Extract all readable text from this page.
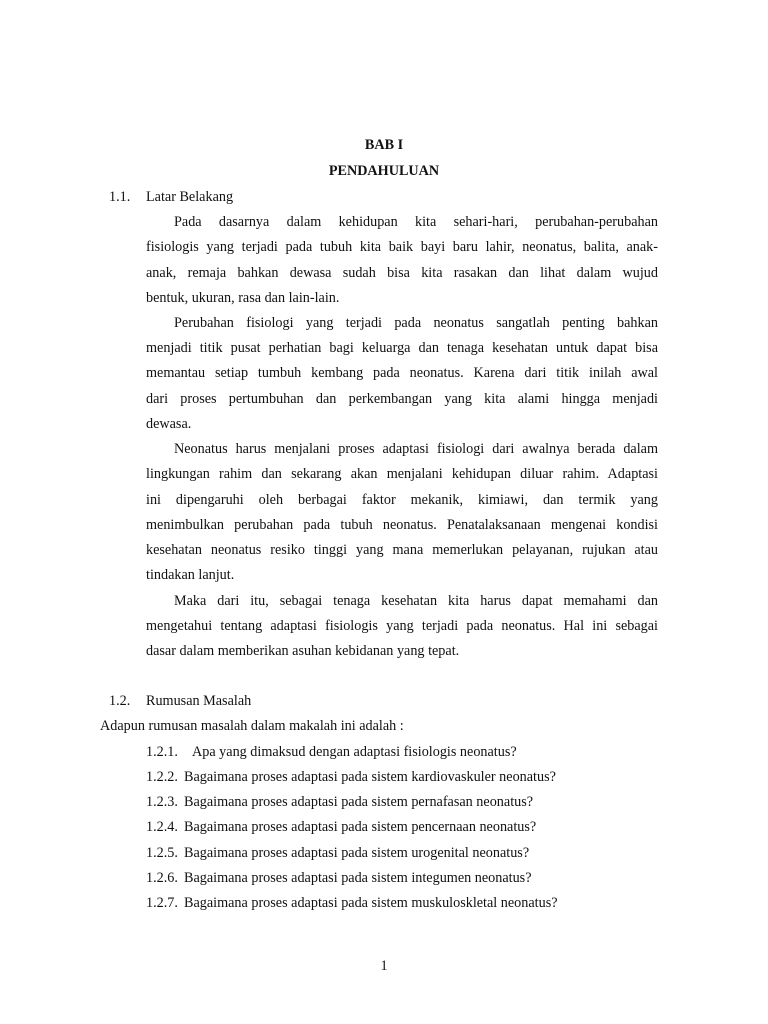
BAB I
PENDAHULUAN
1.1. Latar Belakang
Pada dasarnya dalam kehidupan kita sehari-hari, perubahan-perubahan
fisiologis yang terjadi pada tubuh kita baik bayi baru lahir, neonatus, balita, anak-
anak, remaja bahkan dewasa sudah bisa kita rasakan dan lihat dalam wujud
bentuk, ukuran, rasa dan lain-lain.
Perubahan fisiologi yang terjadi pada neonatus sangatlah penting bahkan
menjadi titik pusat perhatian bagi keluarga dan tenaga kesehatan untuk dapat bisa
memantau setiap tumbuh kembang pada neonatus. Karena dari titik inilah awal
dari proses pertumbuhan dan perkembangan yang kita alami hingga menjadi
dewasa.
Neonatus harus menjalani proses adaptasi fisiologi dari awalnya berada dalam
lingkungan rahim dan sekarang akan menjalani kehidupan diluar rahim. Adaptasi
ini dipengaruhi oleh berbagai faktor mekanik, kimiawi, dan termik yang
menimbulkan perubahan pada tubuh neonatus. Penatalaksanaan mengenai kondisi
kesehatan neonatus resiko tinggi yang mana memerlukan pelayanan, rujukan atau
tindakan lanjut.
Maka dari itu, sebagai tenaga kesehatan kita harus dapat memahami dan
mengetahui tentang adaptasi fisiologis yang terjadi pada neonatus. Hal ini sebagai
dasar dalam memberikan asuhan kebidanan yang tepat.
1.2. Rumusan Masalah
Adapun rumusan masalah dalam makalah ini adalah :
1.2.1. Apa yang dimaksud dengan adaptasi fisiologis neonatus?
1.2.2. Bagaimana proses adaptasi pada sistem kardiovaskuler neonatus?
1.2.3. Bagaimana proses adaptasi pada sistem pernafasan neonatus?
1.2.4. Bagaimana proses adaptasi pada sistem pencernaan neonatus?
1.2.5. Bagaimana proses adaptasi pada sistem urogenital neonatus?
1.2.6. Bagaimana proses adaptasi pada sistem integumen neonatus?
1.2.7. Bagaimana proses adaptasi pada sistem muskuloskletal neonatus?
1
